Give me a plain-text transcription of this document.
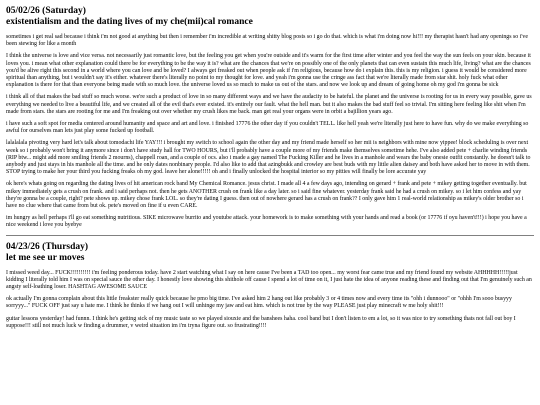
05/02/26 (Saturday)
existentialism and the dating lives of my che(mii)cal romance

sometimes i get real sad because i think i'm not good at anything but then i remember i'm incredible at writing shitty blog posts so i go do that. which is what i'm doing now hi!!! my therapist hasn't had any openings so i've been stewing for like a month

I think the universe is love and vice versa. not necessarily just romantic love, but the feeling you get when you're outside and it's warm for the first time after winter and you feel the way the sun feels on your skin. because it loves you. i mean what other explanation could there be for everything to be the way it is? what are the chances that we're on possibly one of the only planets that can even sustain this much life, living? what are the chances you'd be alive right this second in a world where you can love and be loved? I always get freaked out when people ask if i'm religious, because how do i explain this. this is my religion. i guess it would be considered more spiritual than anything, but i wouldn't say it's either. whatever there's literally no point to my thought for love. and yeah i'm gonna use the cringe ass fact that we're literally made from star shit. holy fuck what other explanation is there for that than everyone being made with so much love. the universe loved us so much to make us out of the stars. and now we look up and dream of going home oh my god i'm gonna be sick

i think all of that makes the bad stuff so much worse. we're such a product of love in so many different ways and we have the audacity to be hateful. the planet and the universe is rooting for us in every way possible, gave us everything we needed to live a beautiful life, and we created all of the evil that's ever existed. it's entirely our fault. what the hell man. but it also makes the bad stuff feel so trivial. I'm sitting here feeling like shit when I'm made from stars. the stars are rooting for me and I'm freaking out over whether my crush likes me back. man get real your organs were in orbit a bajillion years ago.

i have such a soft spot for media centered around humanity and space and art and love. i finished 17776 the other day if you couldn't TELL. like hell yeah we're literally just here to have fun. why do we make everything so awful for ourselves man lets just play some fucked up football.

lalalalala pivoting very hard let's talk about tomodachi life YAY!!! i brought my switch to school again the other day and my friend made herself so her mii is neighbors with mine now yippee! block scheduling is over next week so i probably won't bring it anymore since i don't have study hall for TWO HOURS, but i'll probably have a couple more of my friends make themselves sometime hehe. I've also added pete + charlie winding friends (RIP btw... might add more smiling friends 2 mourns), chappell roan, and a couple of ocs. also i made a gay named The Fucking Killer and he lives in a manhole and wears the baby onesie outfit constantly. he doesn't talk to anybody and just stays in his manhole all the time. and he only dates nonbinary people. I'd also like to add that azingbukk and crowley are best buds with my little alien daisey and both have asked her to move in with them. STOP trying to make her your third you fucking freaks oh my god. leave her alone!!!!! oh and i finally unlocked the hospital interior so my pitties will finally be lore accurate yay

ok here's whats going on regarding the dating lives of hit american rock band My Chemical Romance. jesus christ. I made all 4 a few days ago, intending on gerard + frank and pete + mikey getting together eventually. but mikey immediately gets a crush on frank. and i said perhaps not. then he gets ANOTHER crush on frank like a day later. so i said fine whatever. yesterday frank said he had a crush on mikey. so i let him confess and yay they're gonna be a couple, right? pete shows up. mikey chose frank LOL. so they're dating I guess. then out of nowhere gerard has a crush on frank?? I only gave him 1 real-world relationship as mikey's older brother so i have no clue where that came from but ok. pete's moved on fine if u even CARE.

im hungry as hell perhaps i'll go eat something nutritious. SIKE microwave burrito and youtube attack. your homework is to make something with your hands and read a book (or 17776 if oyu haven't!!!) i hope you have a nice weekend i love you byebye

04/23/26 (Thursday)
let me see ur moves

I missed weed day... FUCK!!!!!!!!!! i'm feeling ponderous today. have 2 start watching what I say on here cause I've been a TAD too open... my worst fear came true and my friend found my website AHHHHH!!!!!just kidding I literally told him I was on special sauce the other day. I honestly love showing this shithole off cause I spend a lot of time on it, I just hate the idea of anyone reading these and finding out that I'm genuinely such an angsty self-loathing loser. HASHTAG AWESOME SAUCE

ok actually I'm gonna complain about this little freakster really quick because he pmo big time. I've asked him 2 hang out like probably 3 or 4 times now and every time its "ohh i dunnooo" or "ohhh I'm sooo busyyy sorryyy..." FUCK OFF just say u hate me. I think he thinks if we hang out I will unhinge my jaw and eat him. which is not true by the way PLEASE just play minecraft w me holy shit!!!

guitar lessons yesterday! had funnn. I think he's getting sick of my music taste so we played siouxie and the banshees haha. cool band but I don't listen to em a lot, so it was nice to try something thats not fall out boy I suppose!!! still not much luck w finding a drummer, v weird situation im i'm tryna figure out. so frustrating!!!!
